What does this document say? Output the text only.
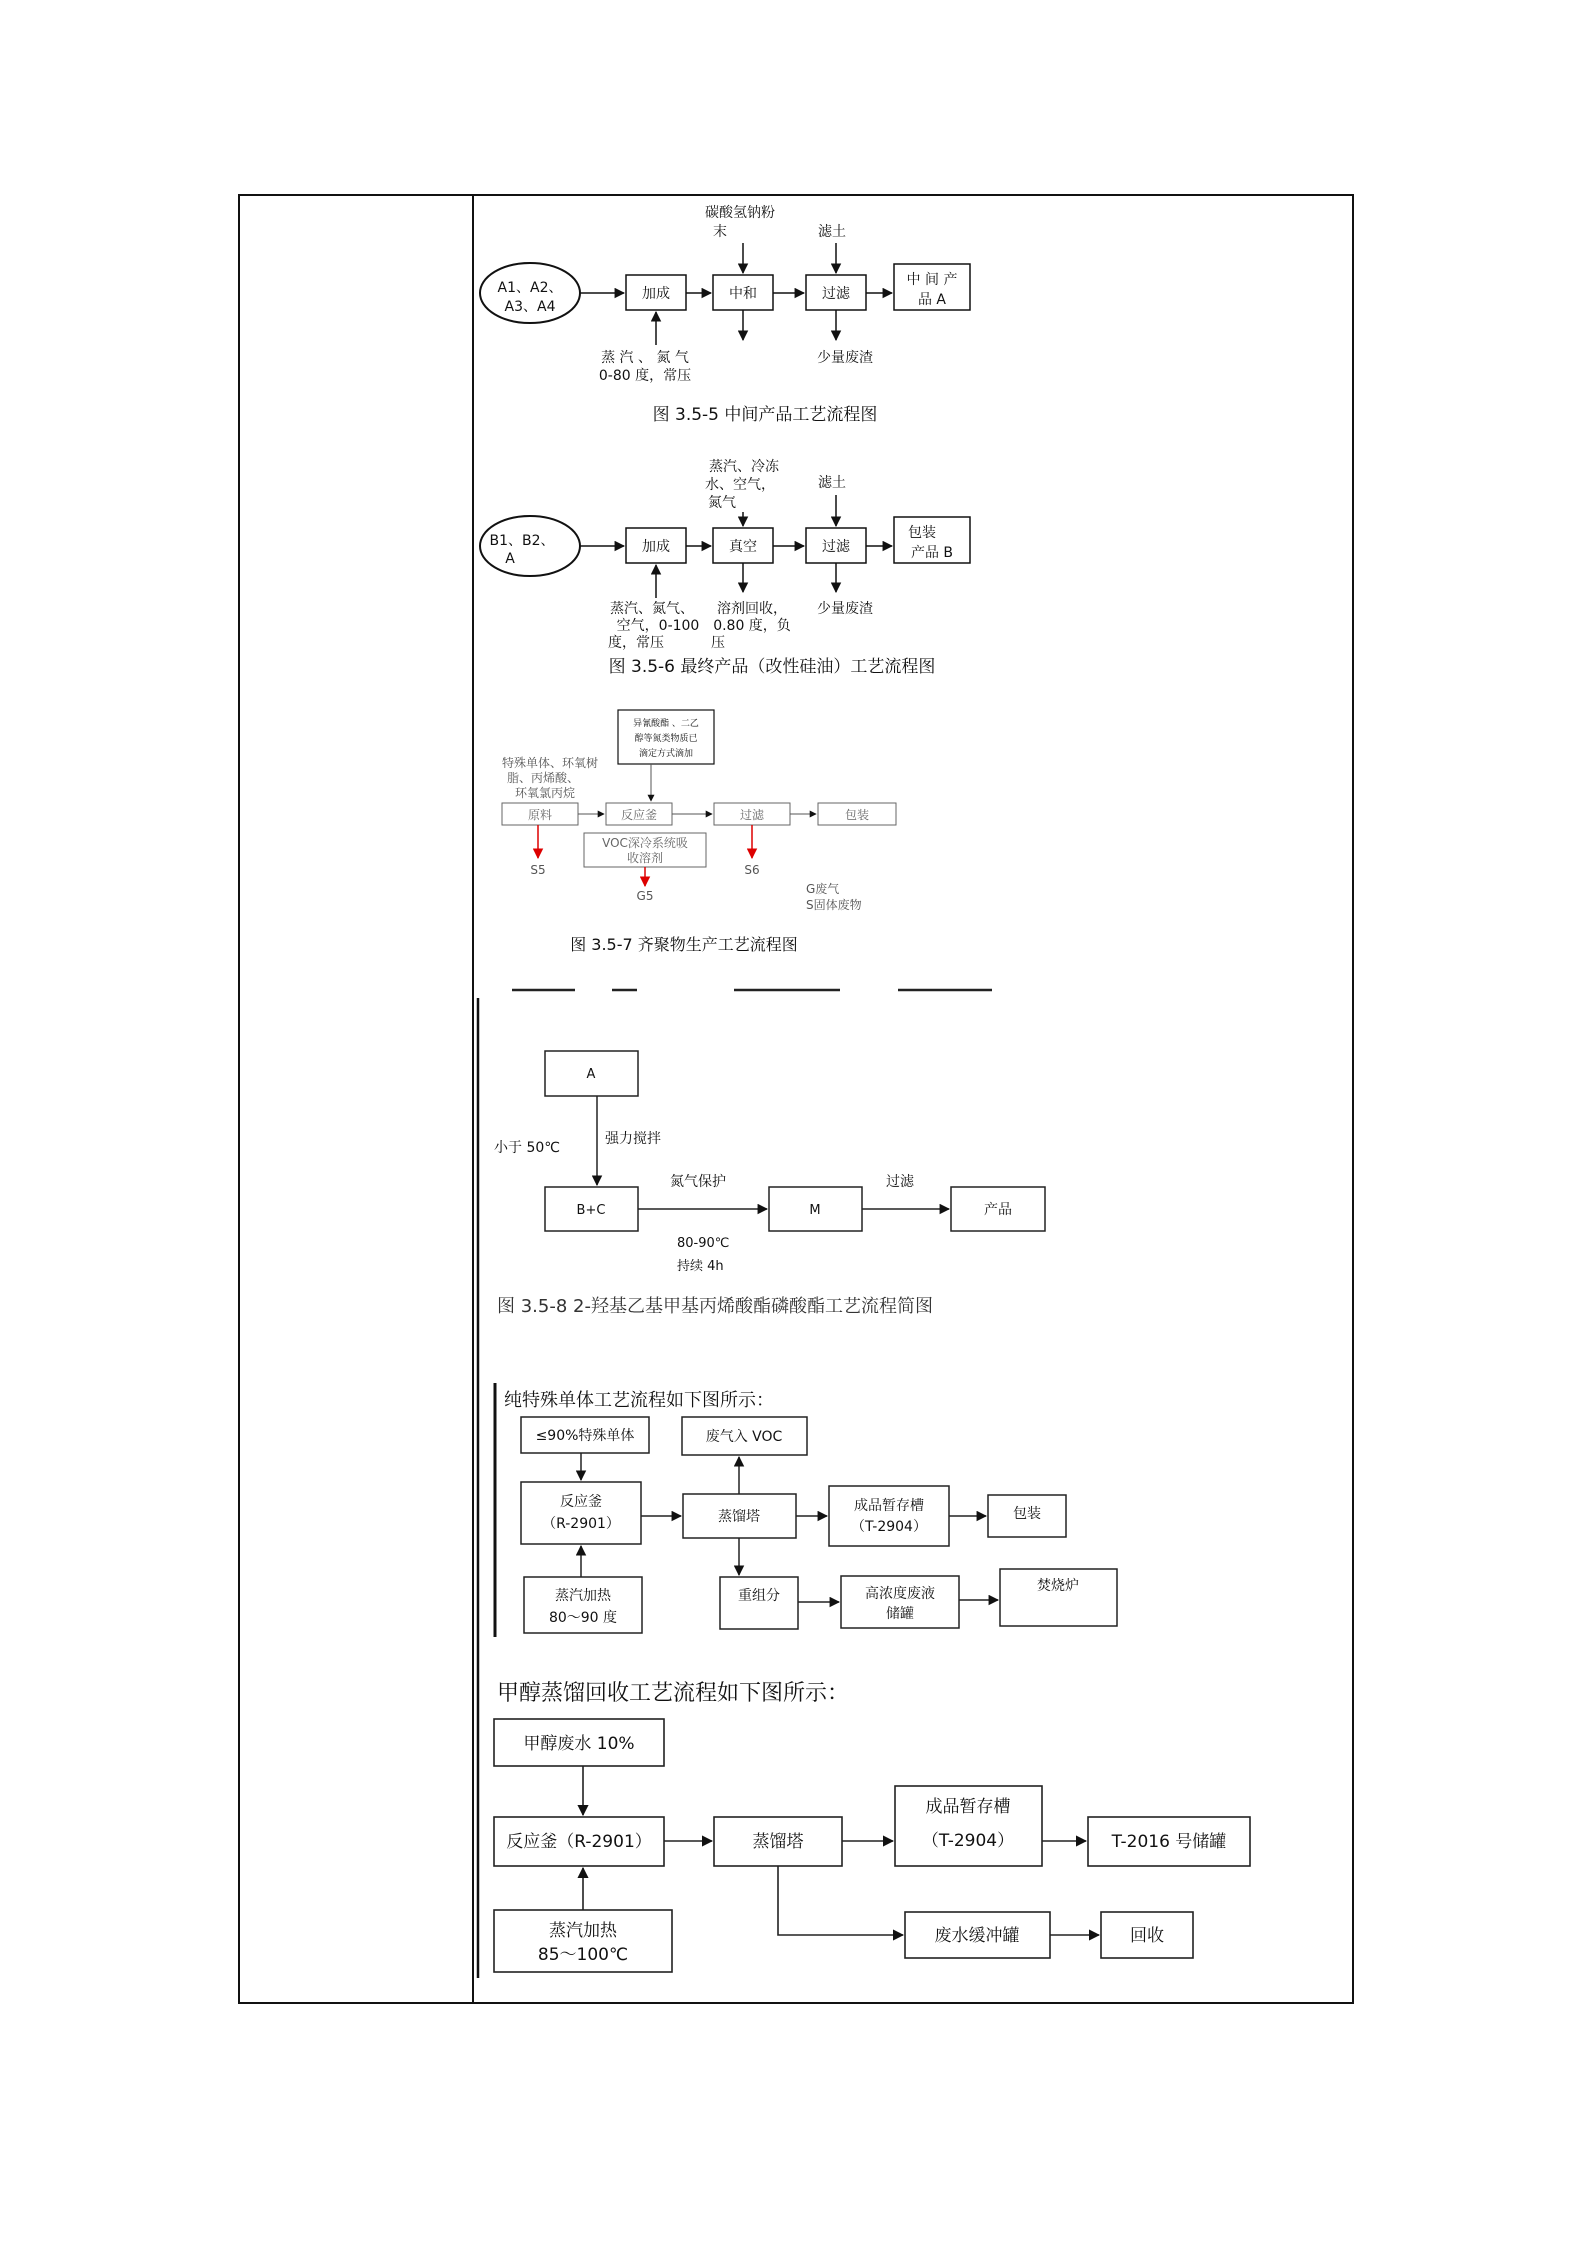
A1、A2、
A3、A4
碳酸氢钠粉
末	滤土
加成	中和	过滤
中 间 产
品 A
蒸 汽 、 氮 气
0-80 度，常压
少量废渣
图 3.5-5 中间产品工艺流程图
B1、B2、
A
蒸汽、冷冻
水、空气，
氮气
滤土
加成	真空	过滤
包装
产品 B
蒸汽、氮气、
空气，0-100
度，常压
溶剂回收，
0.80 度，负
压
少量废渣
图 3.5-6 最终产品（改性硅油）工艺流程图
异氰酸酯 、二乙
醇等氮类物质已
滴定方式滴加
特殊单体、环氧树
脂、丙烯酸、
环氧氯丙烷
原料	反应釜	过滤	包装
VOC深冷系统吸
收溶剂
S5	S6
G5	G废气
S固体废物
图 3.5-7 齐聚物生产工艺流程图
A
B+C	M	产品
小于 50℃
强力搅拌
氮气保护	过滤
80-90℃
持续 4h
图 3.5-8 2-羟基乙基甲基丙烯酸酯磷酸酯工艺流程简图
纯特殊单体工艺流程如下图所示：
≤90%特殊单体
反应釜
（R-2901）
蒸汽加热
80～90 度
废气入 VOC
蒸馏塔
重组分
成品暂存槽
（T-2904）
包装
高浓度废液
储罐
焚烧炉
甲醇蒸馏回收工艺流程如下图所示：
甲醇废水 10%
反应釜（R-2901）
蒸汽加热
85～100℃
蒸馏塔
成品暂存槽
（T-2904）	T-2016 号储罐
废水缓冲罐	回收
